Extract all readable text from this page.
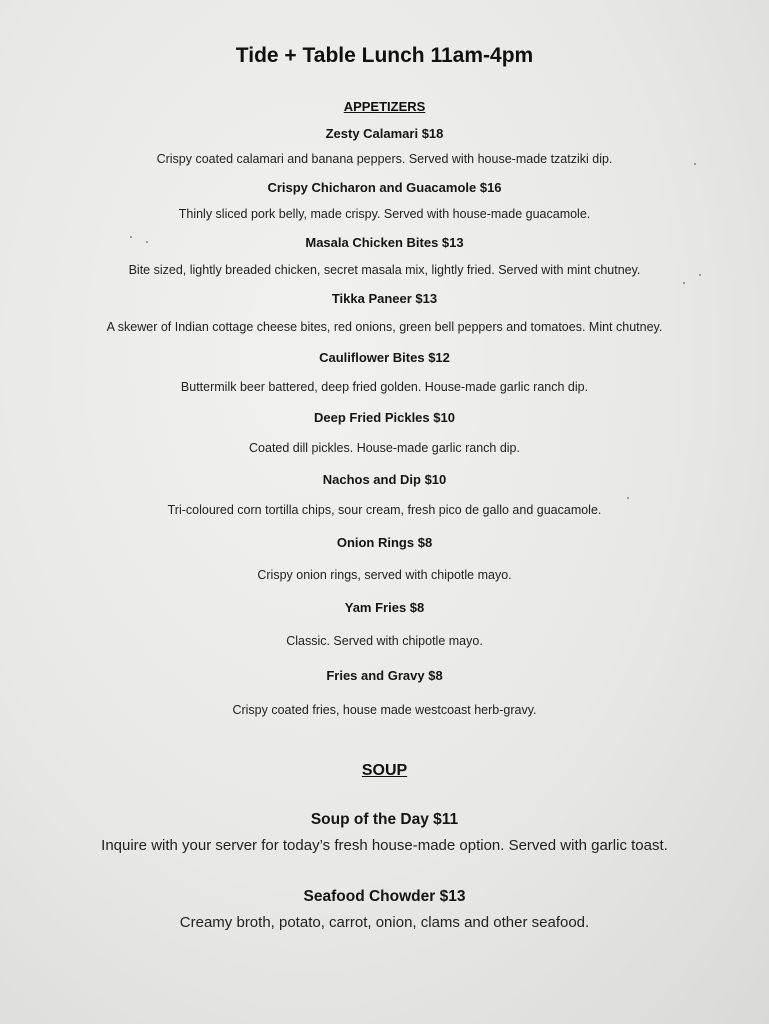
Tide + Table Lunch 11am-4pm
APPETIZERS
Zesty Calamari $18
Crispy coated calamari and banana peppers. Served with house-made tzatziki dip.
Crispy Chicharon and Guacamole $16
Thinly sliced pork belly, made crispy. Served with house-made guacamole.
Masala Chicken Bites $13
Bite sized, lightly breaded chicken, secret masala mix, lightly fried. Served with mint chutney.
Tikka Paneer $13
A skewer of Indian cottage cheese bites, red onions, green bell peppers and tomatoes. Mint chutney.
Cauliflower Bites $12
Buttermilk beer battered, deep fried golden. House-made garlic ranch dip.
Deep Fried Pickles $10
Coated dill pickles. House-made garlic ranch dip.
Nachos and Dip $10
Tri-coloured corn tortilla chips, sour cream, fresh pico de gallo and guacamole.
Onion Rings $8
Crispy onion rings, served with chipotle mayo.
Yam Fries $8
Classic. Served with chipotle mayo.
Fries and Gravy $8
Crispy coated fries, house made westcoast herb-gravy.
SOUP
Soup of the Day $11
Inquire with your server for today’s fresh house-made option. Served with garlic toast.
Seafood Chowder $13
Creamy broth, potato, carrot, onion, clams and other seafood.
